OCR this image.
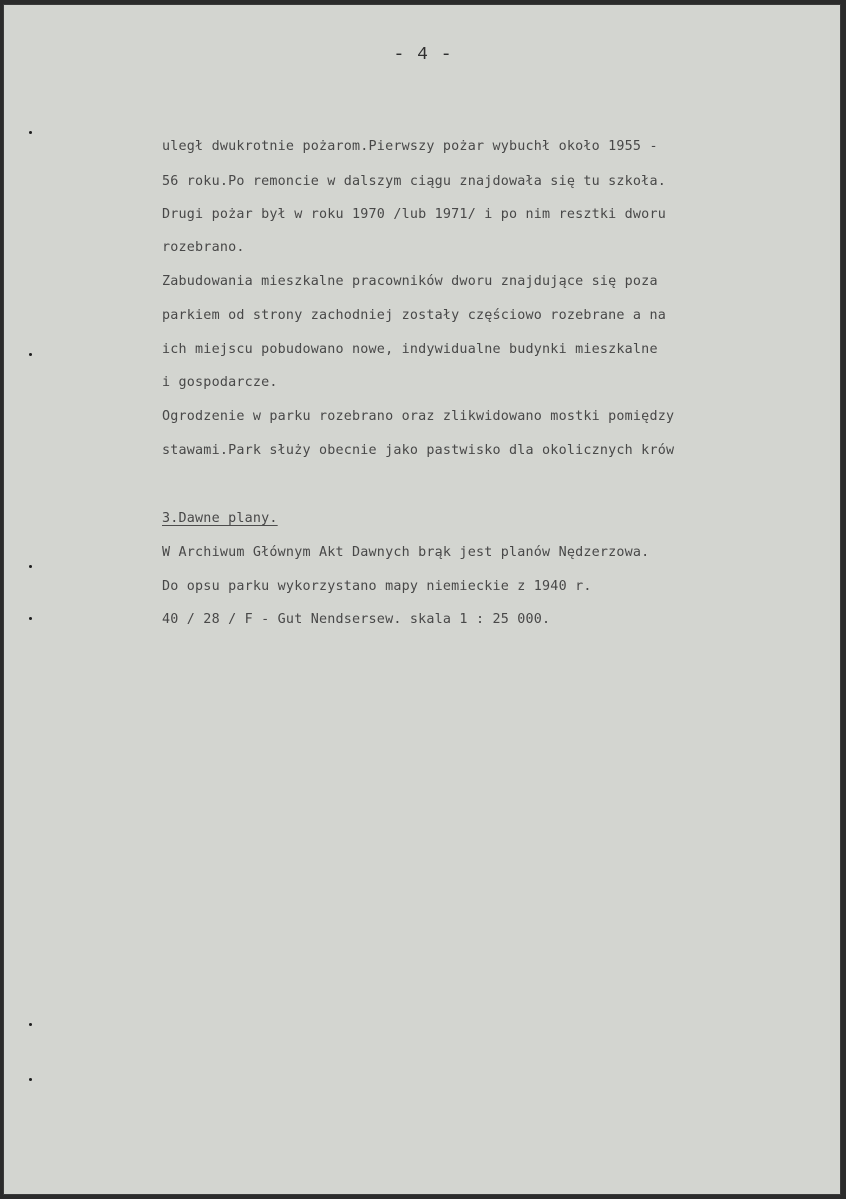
- 4 -
uległ dwukrotnie pożarom.Pierwszy pożar wybuchł około 1955 -
56 roku.Po remoncie w dalszym ciągu znajdowała się tu szkoła.
Drugi pożar był w roku 1970 /lub 1971/ i po nim resztki dworu
rozebrano.
Zabudowania mieszkalne pracowników dworu znajdujące się poza
parkiem od strony zachodniej zostały częściowo rozebrane a na
ich miejscu pobudowano nowe, indywidualne budynki mieszkalne
i gospodarcze.
Ogrodzenie w parku rozebrano oraz zlikwidowano mostki pomiędzy
stawami.Park służy obecnie jako pastwisko dla okolicznych krów
3.Dawne plany.
W Archiwum Głównym Akt Dawnych brąk jest planów Nędzerzowa.
Do opsu parku wykorzystano mapy niemieckie z 1940 r.
40 / 28 / F - Gut Nendsersew. skala 1 : 25 000.
